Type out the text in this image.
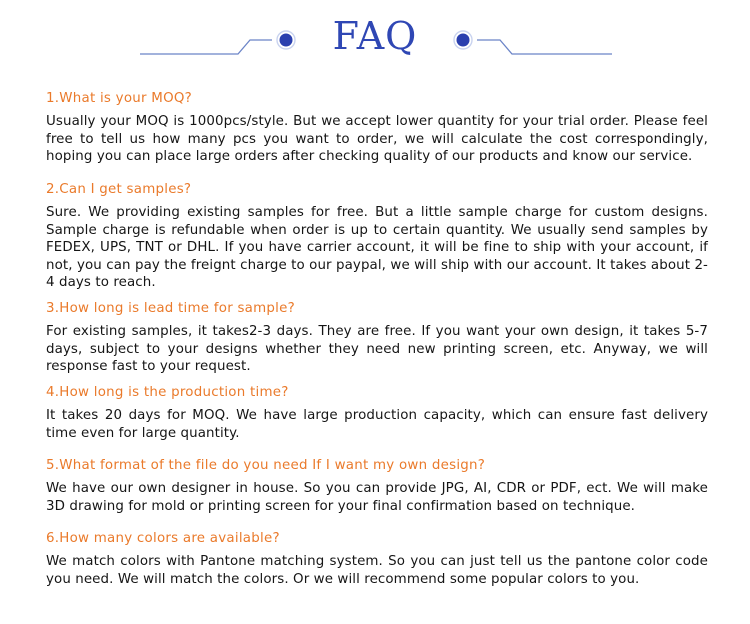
FAQ
1.What is your MOQ?
Usually your MOQ is 1000pcs/style. But we accept lower quantity for your trial order. Please feel free to tell us how many pcs you want to order, we will calculate the cost correspondingly, hoping you can place large orders after checking quality of our products and know our service.
2.Can I get samples?
Sure. We providing existing samples for free. But a little sample charge for custom designs. Sample charge is refundable when order is up to certain quantity. We usually send samples by FEDEX, UPS, TNT or DHL. If you have carrier account, it will be fine to ship with your account, if not, you can pay the freignt charge to our paypal, we will ship with our account. It takes about 2-4 days to reach.
3.How long is lead time for sample?
For existing samples, it takes2-3 days. They are free. If you want your own design, it takes 5-7 days, subject to your designs whether they need new printing screen, etc. Anyway, we will response fast to your request.
4.How long is the production time?
It takes 20 days for MOQ. We have large production capacity, which can ensure fast delivery time even for large quantity.
5.What format of the file do you need If I want my own design?
We have our own designer in house. So you can provide JPG, AI, CDR or PDF, ect. We will make 3D drawing for mold or printing screen for your final confirmation based on technique.
6.How many colors are available?
We match colors with Pantone matching system. So you can just tell us the pantone color code you need. We will match the colors. Or we will recommend some popular colors to you.
